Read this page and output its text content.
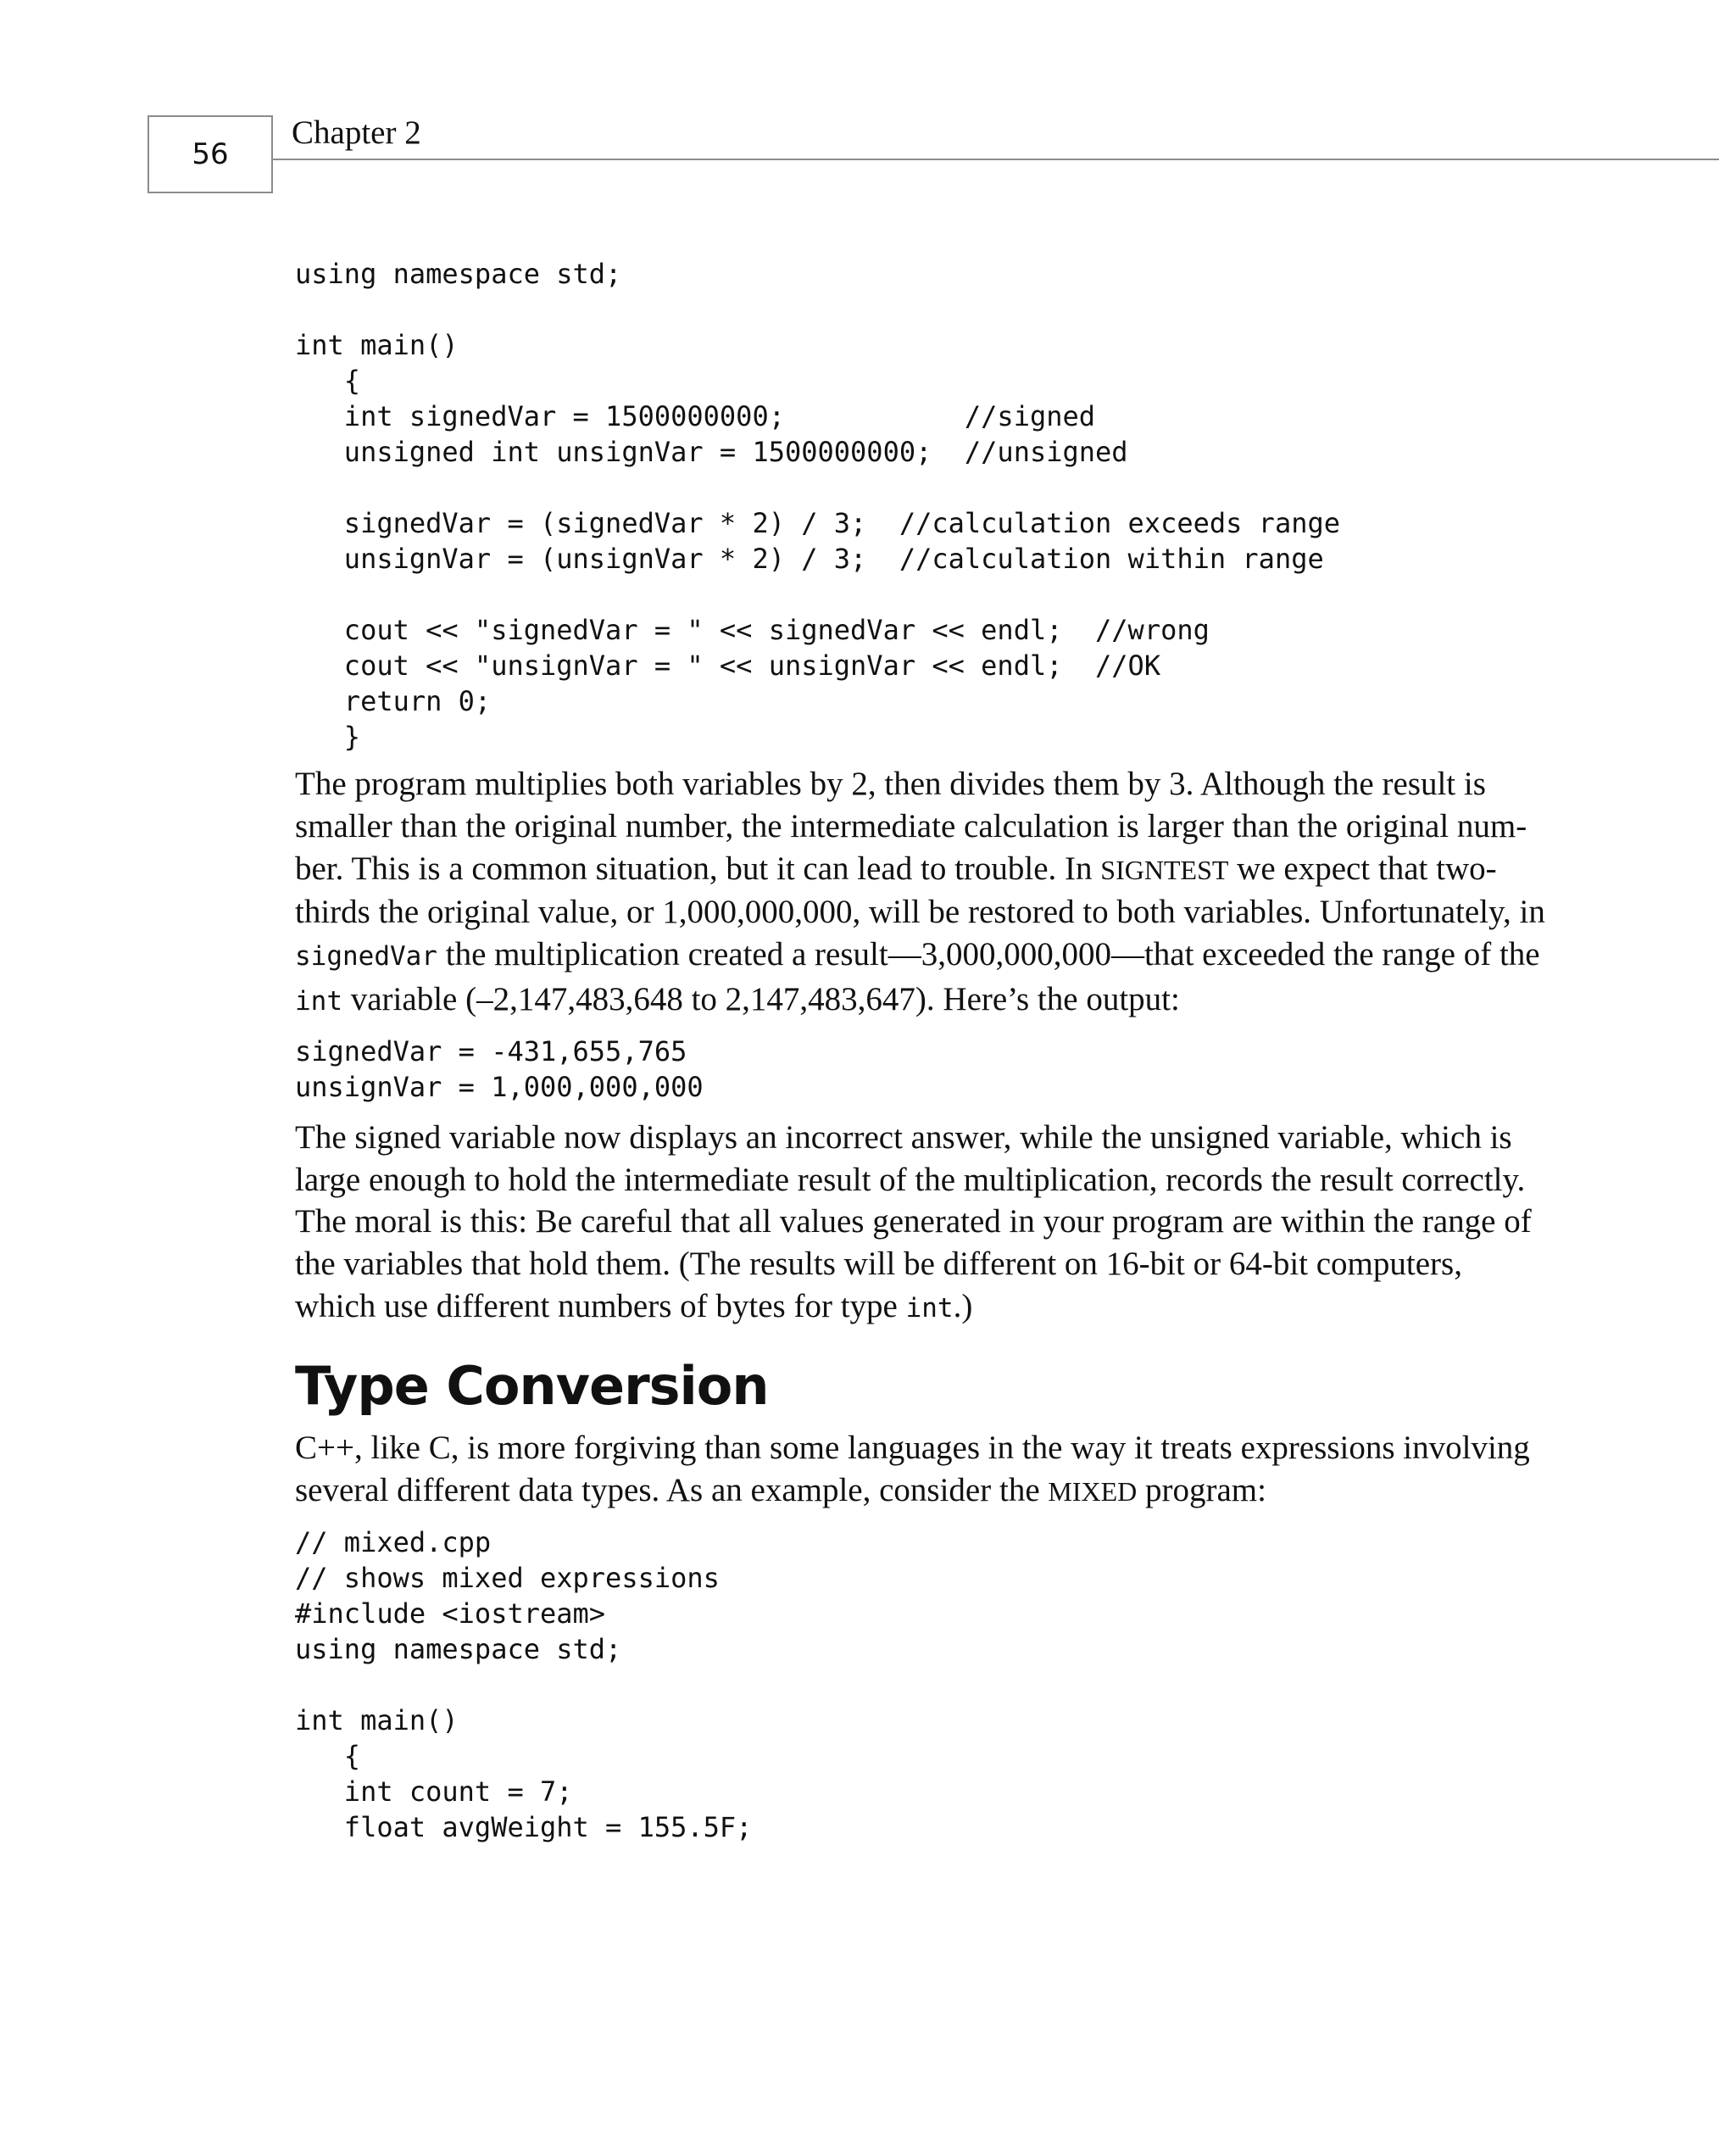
56
Chapter 2
using namespace std;
int main()
{
int signedVar = 1500000000;           //signed
unsigned int unsignVar = 1500000000;  //unsigned
signedVar = (signedVar * 2) / 3;  //calculation exceeds range
unsignVar = (unsignVar * 2) / 3;  //calculation within range
cout << "signedVar = " << signedVar << endl;  //wrong
cout << "unsignVar = " << unsignVar << endl;  //OK
return 0;
}

The program multiplies both variables by 2, then divides them by 3. Although the result is smaller than the original number, the intermediate calculation is larger than the original num-ber. This is a common situation, but it can lead to trouble. In SIGNTEST we expect that two-thirds the original value, or 1,000,000,000, will be restored to both variables. Unfortunately, in signedVar the multiplication created a result—3,000,000,000—that exceeded the range of the int variable (–2,147,483,648 to 2,147,483,647). Here’s the output:

signedVar = -431,655,765
unsignVar = 1,000,000,000

The signed variable now displays an incorrect answer, while the unsigned variable, which is large enough to hold the intermediate result of the multiplication, records the result correctly. The moral is this: Be careful that all values generated in your program are within the range of the variables that hold them. (The results will be different on 16-bit or 64-bit computers, which use different numbers of bytes for type int.)

Type Conversion

C++, like C, is more forgiving than some languages in the way it treats expressions involving several different data types. As an example, consider the MIXED program:

// mixed.cpp
// shows mixed expressions
#include <iostream>
using namespace std;
int main()
{
int count = 7;
float avgWeight = 155.5F;
